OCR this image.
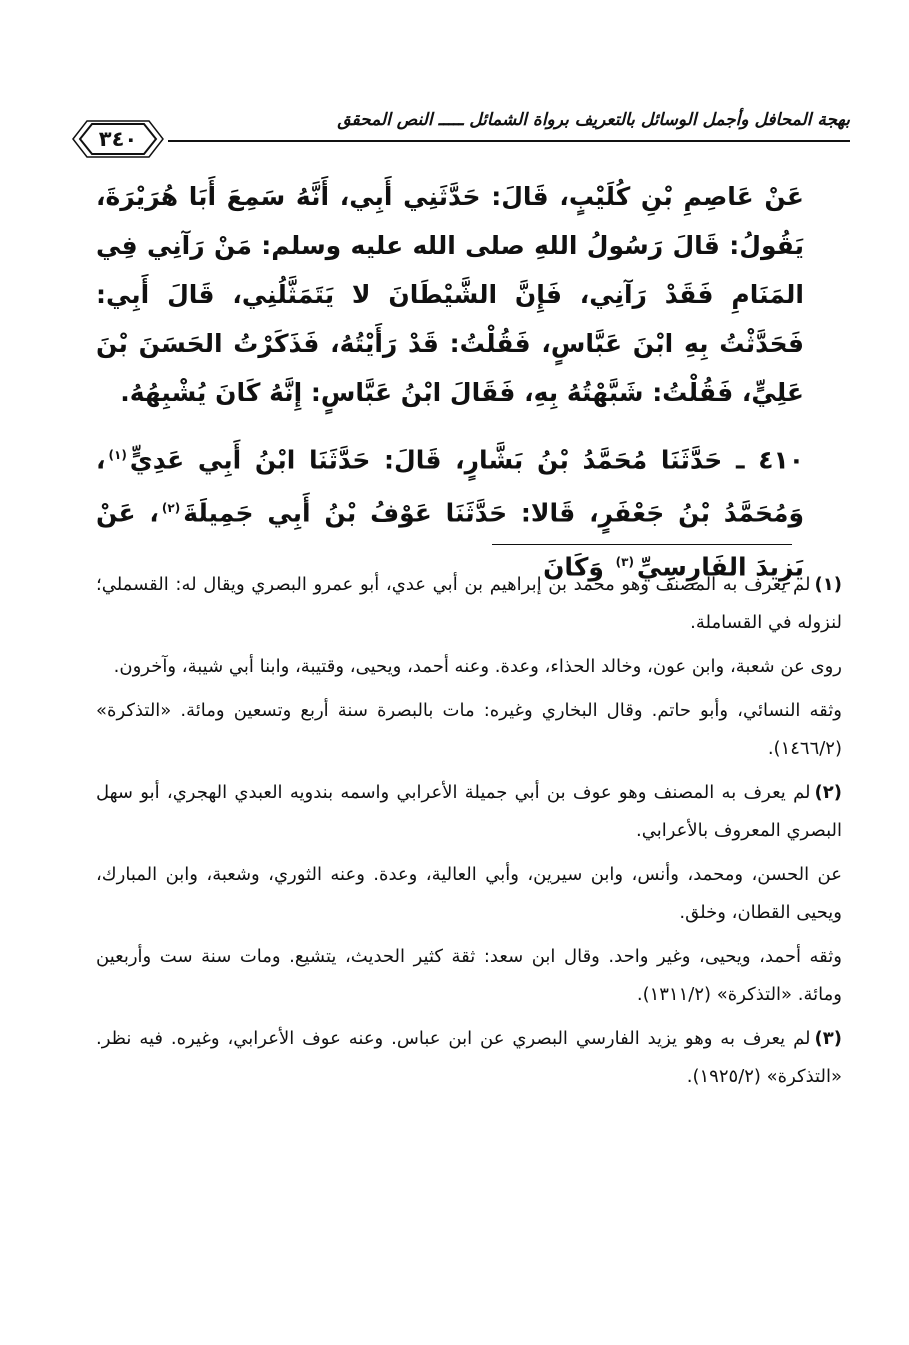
بهجة المحافل وأجمل الوسائل بالتعريف برواة الشمائل ـــــ النص المحقق
٣٤٠

عَنْ عَاصِمِ بْنِ كُلَيْبٍ، قَالَ: حَدَّثَنِي أَبِي، أَنَّهُ سَمِعَ أَبَا هُرَيْرَةَ، يَقُولُ: قَالَ رَسُولُ اللهِ صلى الله عليه وسلم: مَنْ رَآنِي فِي المَنَامِ فَقَدْ رَآنِي، فَإِنَّ الشَّيْطَانَ لا يَتَمَثَّلُنِي، قَالَ أَبِي: فَحَدَّثْتُ بِهِ ابْنَ عَبَّاسٍ، فَقُلْتُ: قَدْ رَأَيْتُهُ، فَذَكَرْتُ الحَسَنَ بْنَ عَلِيٍّ، فَقُلْتُ: شَبَّهْتُهُ بِهِ، فَقَالَ ابْنُ عَبَّاسٍ: إِنَّهُ كَانَ يُشْبِهُهُ.

٤١٠ ـ حَدَّثَنَا مُحَمَّدُ بْنُ بَشَّارٍ، قَالَ: حَدَّثَنَا ابْنُ أَبِي عَدِيٍّ$^{(١)}$، وَمُحَمَّدُ بْنُ جَعْفَرٍ، قَالا: حَدَّثَنَا عَوْفُ بْنُ أَبِي جَمِيلَةَ$^{(٢)}$، عَنْ يَزِيدَ الفَارِسِيِّ$^{(٣)}$ وَكَانَ

(١)لم يعرف به المصنف وهو محمد بن إبراهيم بن أبي عدي، أبو عمرو البصري ويقال له: القسملي؛ لنزوله في القساملة.

روى عن شعبة، وابن عون، وخالد الحذاء، وعدة. وعنه أحمد، ويحيى، وقتيبة، وابنا أبي شيبة، وآخرون.

وثقه النسائي، وأبو حاتم. وقال البخاري وغيره: مات بالبصرة سنة أربع وتسعين ومائة. «التذكرة» (١٤٦٦/٢).

(٢)لم يعرف به المصنف وهو عوف بن أبي جميلة الأعرابي واسمه بندويه العبدي الهجري، أبو سهل البصري المعروف بالأعرابي.

عن الحسن، ومحمد، وأنس، وابن سيرين، وأبي العالية، وعدة. وعنه الثوري، وشعبة، وابن المبارك، ويحيى القطان، وخلق.

وثقه أحمد، ويحيى، وغير واحد. وقال ابن سعد: ثقة كثير الحديث، يتشيع. ومات سنة ست وأربعين ومائة. «التذكرة» (١٣١١/٢).

(٣)لم يعرف به وهو يزيد الفارسي البصري عن ابن عباس. وعنه عوف الأعرابي، وغيره. فيه نظر. «التذكرة» (١٩٢٥/٢).
